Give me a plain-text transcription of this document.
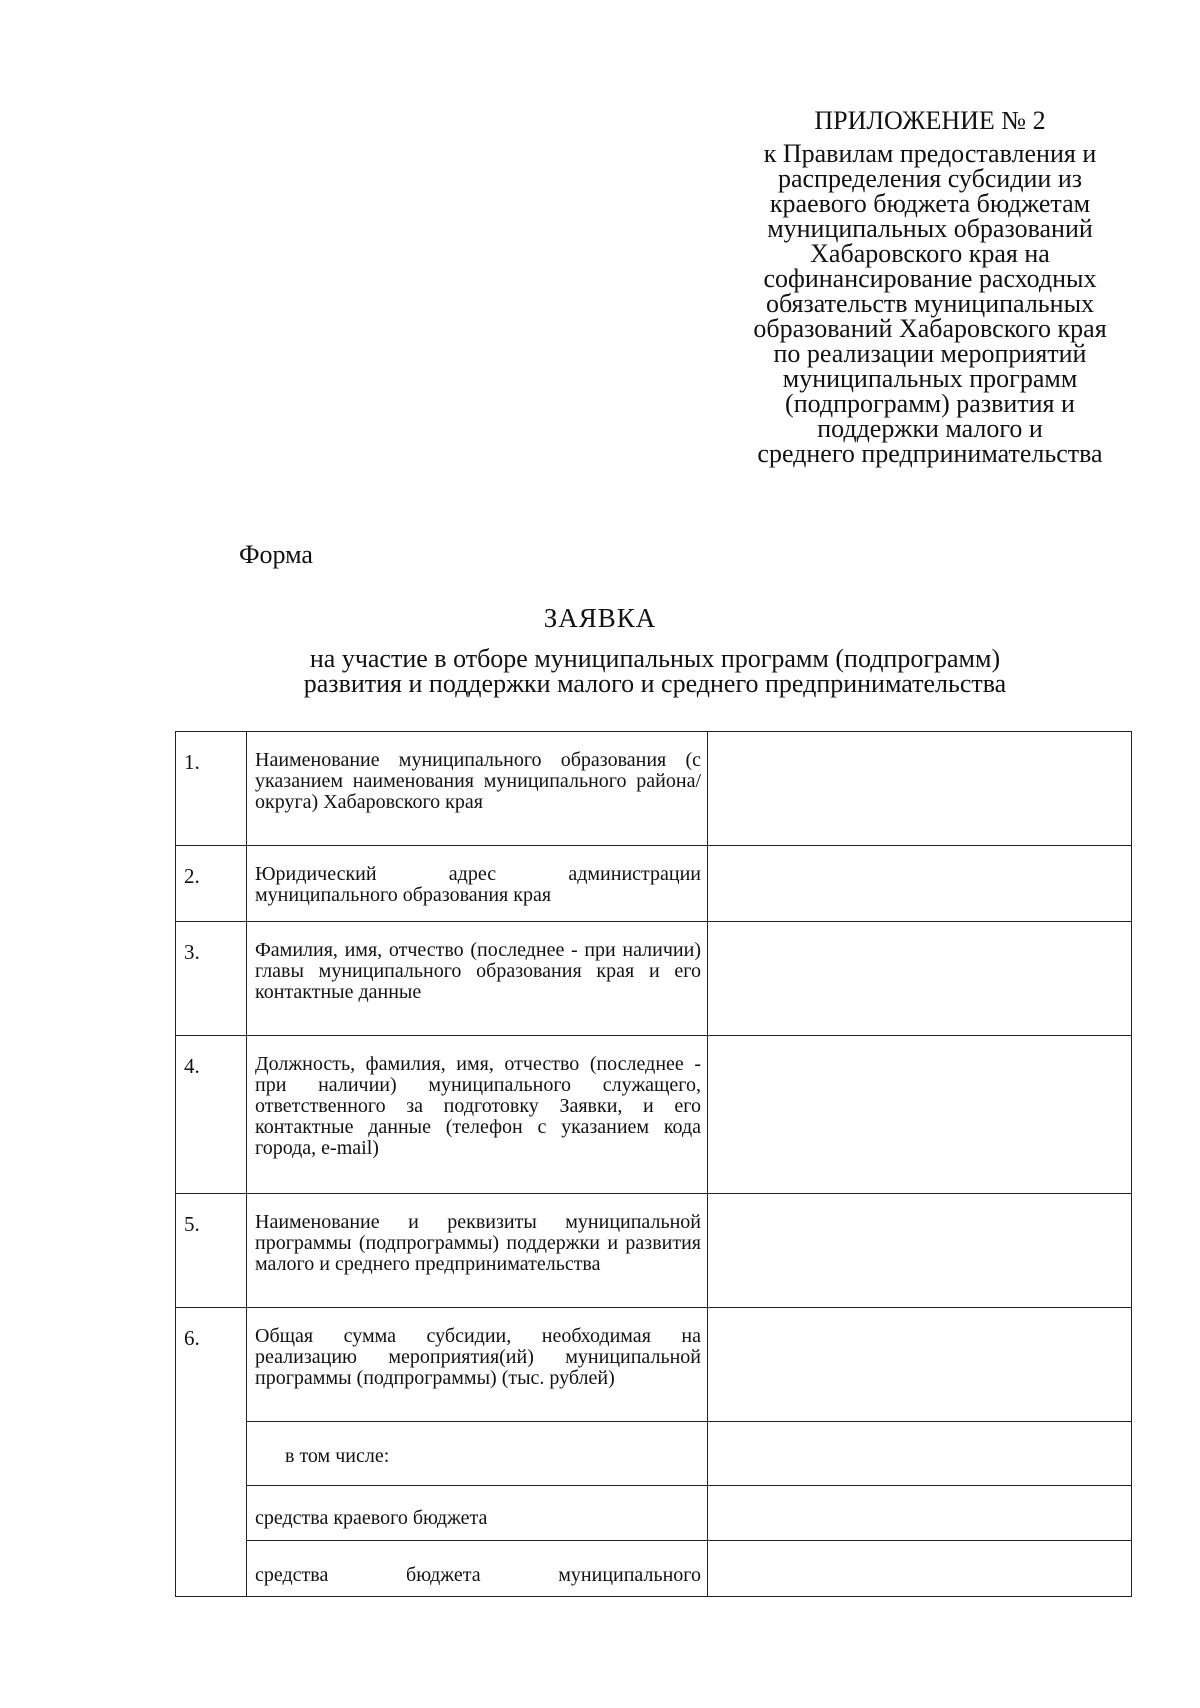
ПРИЛОЖЕНИЕ № 2
к Правилам предоставления и
распределения субсидии из
краевого бюджета бюджетам
муниципальных образований
Хабаровского края на
софинансирование расходных
обязательств муниципальных
образований Хабаровского края
по реализации мероприятий
муниципальных программ
(подпрограмм) развития и
поддержки малого и
среднего предпринимательства
Форма
ЗАЯВКА
на участие в отборе муниципальных программ (подпрограмм)
развития и поддержки малого и среднего предпринимательства
1.	Наименование муниципального образования (с указанием наименования муниципального района/округа) Хабаровского края	

2.	Юридический адрес администрации муниципального образования края	

3.	Фамилия, имя, отчество (последнее - при наличии) главы муниципального образования края и его контактные данные	

4.	Должность, фамилия, имя, отчество (последнее - при наличии) муниципального служащего, ответственного за подготовку Заявки, и его контактные данные (телефон с указанием кода города, e-mail)	

5.	Наименование и реквизиты муниципальной программы (подпрограммы) поддержки и развития малого и среднего предпринимательства	

6.	Общая сумма субсидии, необходимая на реализацию мероприятия(ий) муниципальной программы (подпрограммы) (тыс. рублей)	

	в том числе:	

	средства краевого бюджета	

	средства бюджета муниципального	
